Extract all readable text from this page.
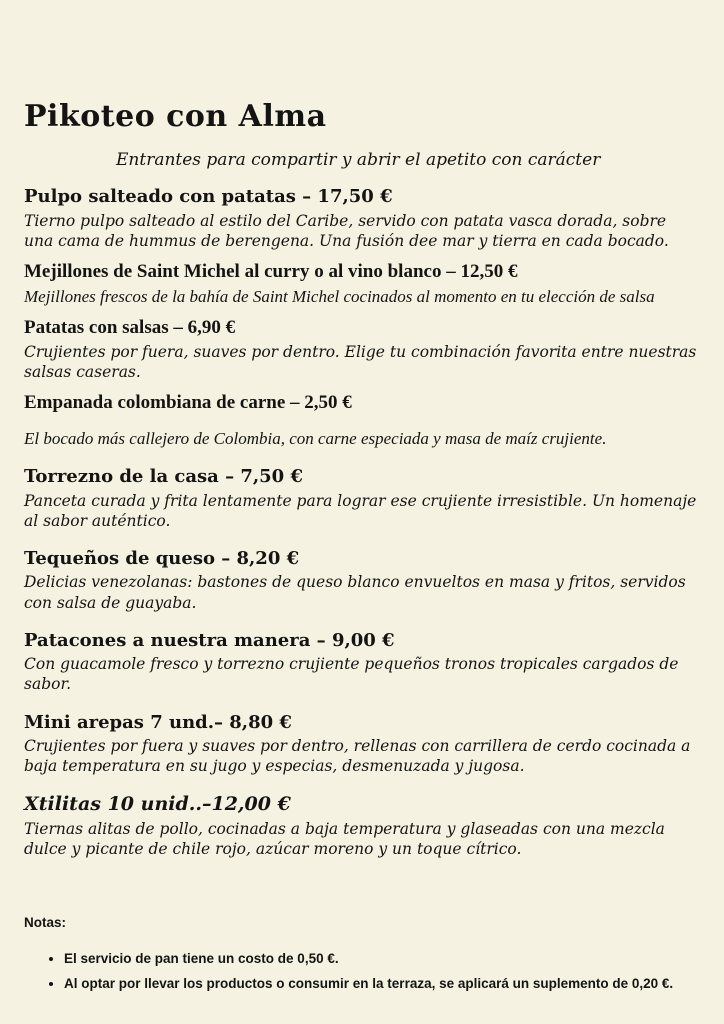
Pikoteo con Alma
Entrantes para compartir y abrir el apetito con carácter
Pulpo salteado con patatas – 17,50 €

Tierno pulpo salteado al estilo del Caribe, servido con patata vasca dorada, sobre una cama de hummus de berengena. Una fusión dee mar y tierra en cada bocado.

Mejillones de Saint Michel al curry o al vino blanco – 12,50 €

Mejillones frescos de la bahía de Saint Michel cocinados al momento en tu elección de salsa

Patatas con salsas – 6,90 €

Crujientes por fuera, suaves por dentro. Elige tu combinación favorita entre nuestras salsas caseras.

Empanada colombiana de carne – 2,50 €

El bocado más callejero de Colombia, con carne especiada y masa de maíz crujiente.

Torrezno de la casa – 7,50 €

Panceta curada y frita lentamente para lograr ese crujiente irresistible. Un homenaje al sabor auténtico.

Tequeños de queso – 8,20 €

Delicias venezolanas: bastones de queso blanco envueltos en masa y fritos, servidos con salsa de guayaba.

Patacones a nuestra manera – 9,00 €

Con guacamole fresco y torrezno crujiente pequeños tronos tropicales cargados de sabor.

Mini arepas 7 und.– 8,80 €

Crujientes por fuera y suaves por dentro, rellenas con carrillera de cerdo cocinada a baja temperatura en su jugo y especias, desmenuzada y jugosa.

Xtilitas 10 unid..–12,00 €

Tiernas alitas de pollo, cocinadas a baja temperatura y glaseadas con una mezcla dulce y picante de chile rojo, azúcar moreno y un toque cítrico.

Notas:

• El servicio de pan tiene un costo de 0,50 €.
• Al optar por llevar los productos o consumir en la terraza, se aplicará un suplemento de 0,20 €.
